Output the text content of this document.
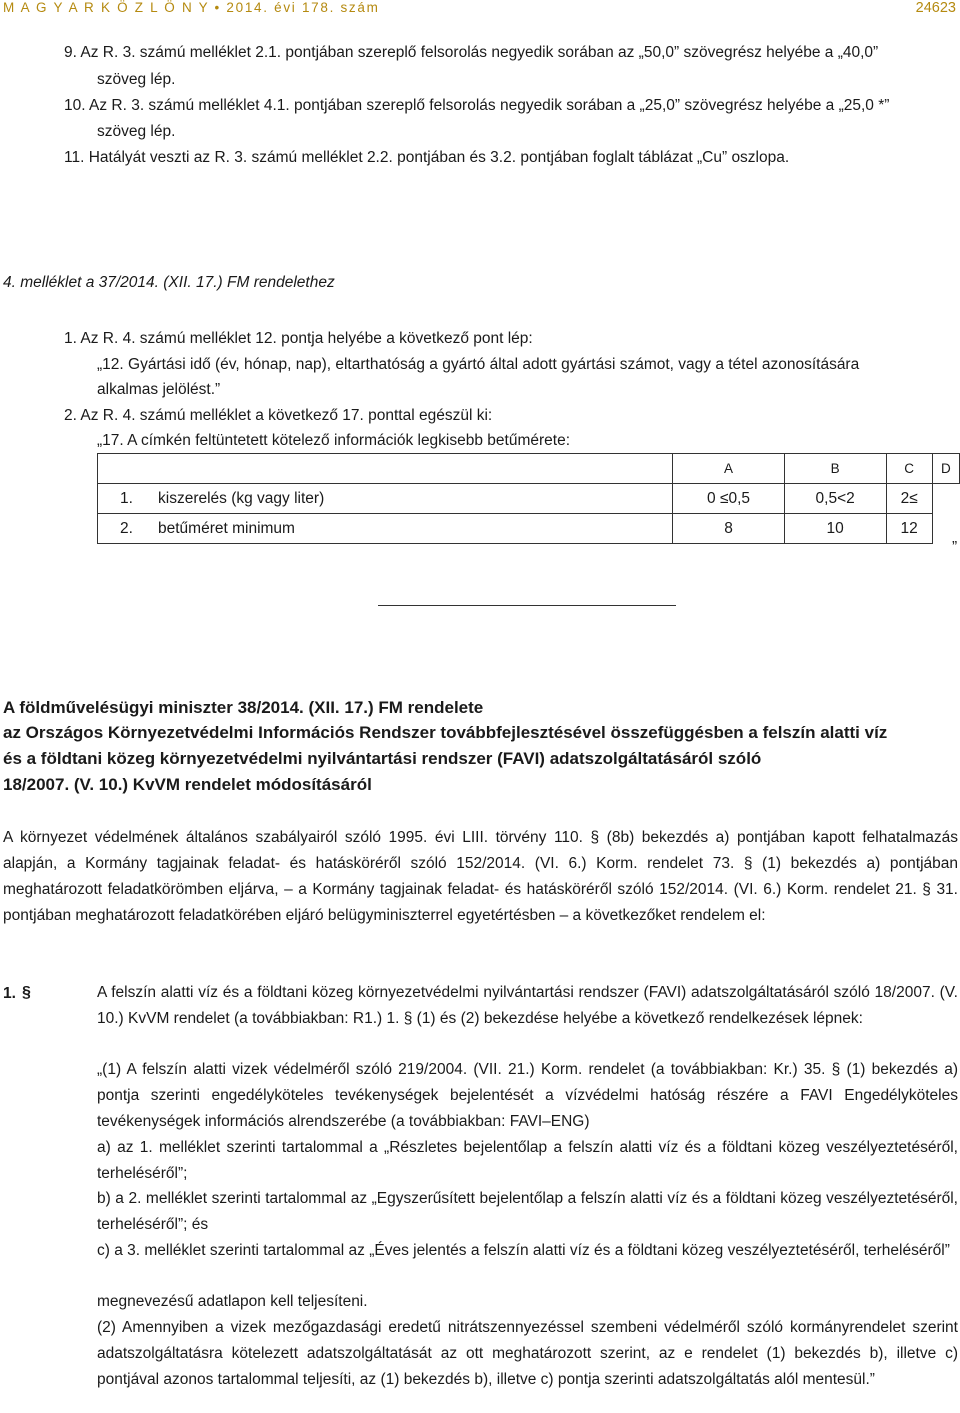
M A G Y A R K Ö Z L Ö N Y • 2014. évi 178. szám	24623
9. Az R. 3. számú melléklet 2.1. pontjában szereplő felsorolás negyedik sorában az „50,0” szövegrész helyébe a „40,0”
szöveg lép.
10. Az R. 3. számú melléklet 4.1. pontjában szereplő felsorolás negyedik sorában a „25,0” szövegrész helyébe a „25,0 *”
szöveg lép.
11. Hatályát veszti az R. 3. számú melléklet 2.2. pontjában és 3.2. pontjában foglalt táblázat „Cu” oszlopa.
4. melléklet a 37/2014. (XII. 17.) FM rendelethez
1. Az R. 4. számú melléklet 12. pontja helyébe a következő pont lép:
„12. Gyártási idő (év, hónap, nap), eltarthatóság a gyártó által adott gyártási számot, vagy a tétel azonosítására
alkalmas jelölést.”
2. Az R. 4. számú melléklet a következő 17. ponttal egészül ki:
„17. A címkén feltüntetett kötelező információk legkisebb betűmérete:
	A	B	C	D
1. kiszerelés (kg vagy liter)	0 ≤0,5	0,5<2	2≤	
2. betűméret minimum	8	10	12	
”
A földművelésügyi miniszter 38/2014. (XII. 17.) FM rendelete
az Országos Környezetvédelmi Információs Rendszer továbbfejlesztésével összefüggésben a felszín alatti víz
és a földtani közeg környezetvédelmi nyilvántartási rendszer (FAVI) adatszolgáltatásáról szóló
18/2007. (V. 10.) KvVM rendelet módosításáról
A környezet védelmének általános szabályairól szóló 1995. évi LIII. törvény 110. § (8b) bekezdés a) pontjában kapott felhatalmazás alapján, a Kormány tagjainak feladat- és hatásköréről szóló 152/2014. (VI. 6.) Korm. rendelet 73. § (1) bekezdés a) pontjában meghatározott feladatkörömben eljárva, – a Kormány tagjainak feladat- és hatásköréről szóló 152/2014. (VI. 6.) Korm. rendelet 21. § 31. pontjában meghatározott feladatkörében eljáró belügyminiszterrel egyetértésben – a következőket rendelem el:
1. §	A felszín alatti víz és a földtani közeg környezetvédelmi nyilvántartási rendszer (FAVI) adatszolgáltatásáról szóló 18/2007. (V. 10.) KvVM rendelet (a továbbiakban: R1.) 1. § (1) és (2) bekezdése helyébe a következő rendelkezések lépnek:
„(1) A felszín alatti vizek védelméről szóló 219/2004. (VII. 21.) Korm. rendelet (a továbbiakban: Kr.) 35. § (1) bekezdés a) pontja szerinti engedélyköteles tevékenységek bejelentését a vízvédelmi hatóság részére a FAVI Engedélyköteles tevékenységek információs alrendszerébe (a továbbiakban: FAVI–ENG)
a) az 1. melléklet szerinti tartalommal a „Részletes bejelentőlap a felszín alatti víz és a földtani közeg veszélyeztetéséről, terheléséről”;
b) a 2. melléklet szerinti tartalommal az „Egyszerűsített bejelentőlap a felszín alatti víz és a földtani közeg veszélyeztetéséről, terheléséről”; és
c) a 3. melléklet szerinti tartalommal az „Éves jelentés a felszín alatti víz és a földtani közeg veszélyeztetéséről, terheléséről”
megnevezésű adatlapon kell teljesíteni.
(2) Amennyiben a vizek mezőgazdasági eredetű nitrátszennyezéssel szembeni védelméről szóló kormányrendelet szerint adatszolgáltatásra kötelezett adatszolgáltatását az ott meghatározott szerint, az e rendelet (1) bekezdés b), illetve c) pontjával azonos tartalommal teljesíti, az (1) bekezdés b), illetve c) pontja szerinti adatszolgáltatás alól mentesül.”
